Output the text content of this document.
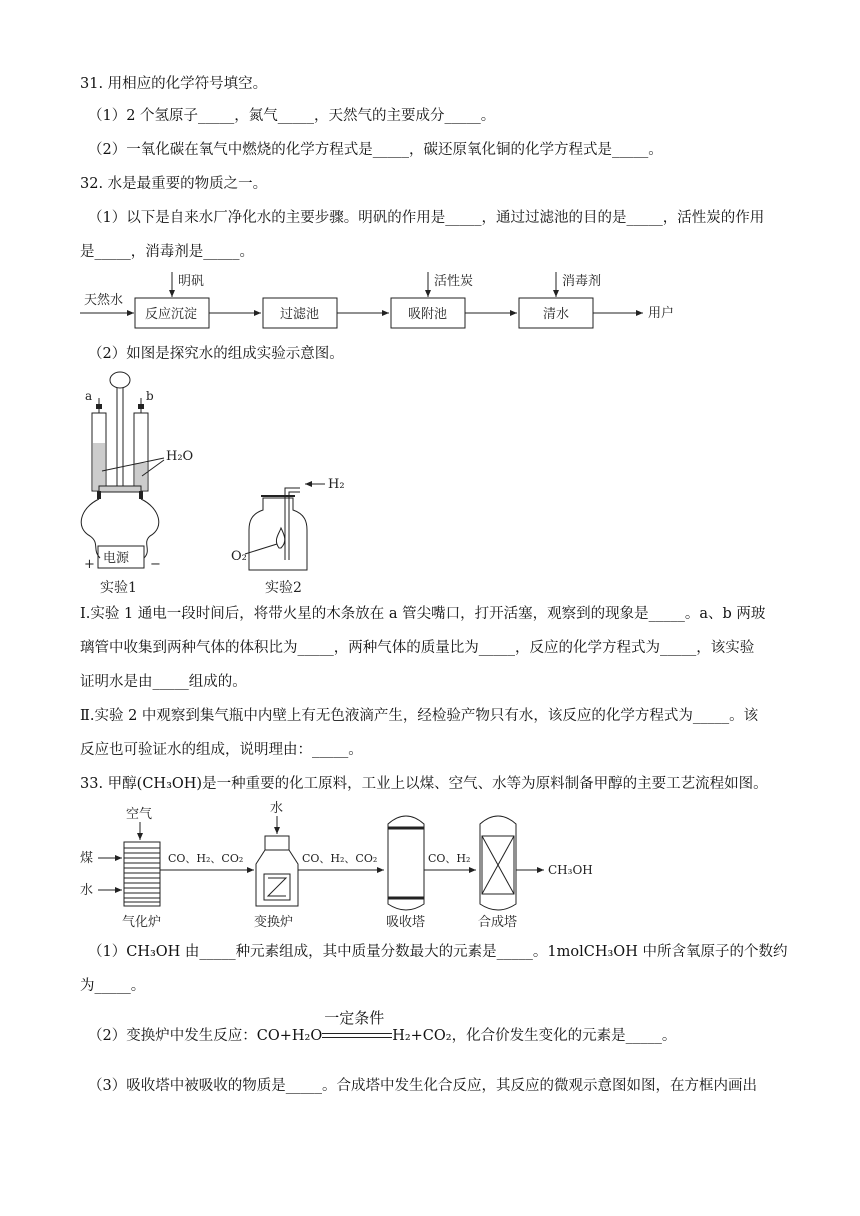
31. 用相应的化学符号填空。
（1）2 个氢原子_____，氮气_____，天然气的主要成分_____。
（2）一氧化碳在氧气中燃烧的化学方程式是_____，碳还原氧化铜的化学方程式是_____。
32. 水是最重要的物质之一。
（1）以下是自来水厂净化水的主要步骤。明矾的作用是_____，通过过滤池的目的是_____，活性炭的作用
是_____，消毒剂是_____。
天然水
反应沉淀
明矾
过滤池	吸附池
活性炭
清水
消毒剂
用户
（2）如图是探究水的组成实验示意图。
a	b
H₂O
电源
+	−
实验1
H₂
O₂
实验2
Ⅰ.实验 1 通电一段时间后，将带火星的木条放在 a 管尖嘴口，打开活塞，观察到的现象是_____。a、b 两玻
璃管中收集到两种气体的体积比为_____，两种气体的质量比为_____，反应的化学方程式为_____，该实验
证明水是由_____组成的。
Ⅱ.实验 2 中观察到集气瓶中内壁上有无色液滴产生，经检验产物只有水，该反应的化学方程式为_____。该
反应也可验证水的组成，说明理由：_____。
33. 甲醇(CH₃OH)是一种重要的化工原料，工业上以煤、空气、水等为原料制备甲醇的主要工艺流程如图。
空气
煤
水
气化炉
CO、H₂、CO₂
水
变换炉
CO、H₂、CO₂
吸收塔
CO、H₂
合成塔
CH₃OH
（1）CH₃OH 由_____种元素组成，其中质量分数最大的元素是_____。1molCH₃OH 中所含氧原子的个数约
为_____。
（2）变换炉中发生反应：CO+H₂O
一定条件
H₂+CO₂，化合价发生变化的元素是_____。
（3）吸收塔中被吸收的物质是_____。合成塔中发生化合反应，其反应的微观示意图如图，在方框内画出
